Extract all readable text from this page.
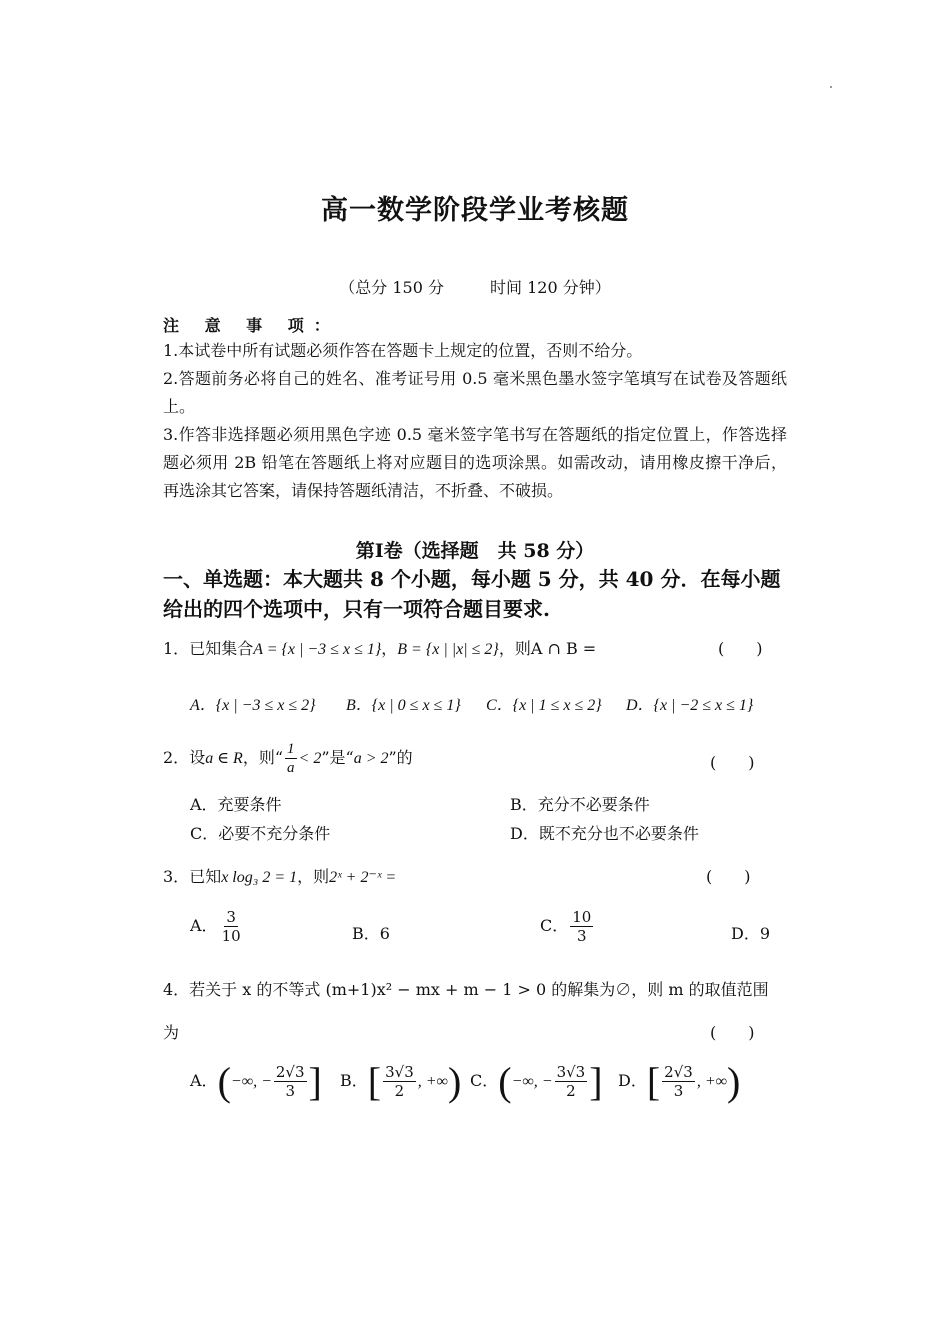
高一数学阶段学业考核题
（总分 150 分	时间 120 分钟）
注 意 事 项：
1.本试卷中所有试题必须作答在答题卡上规定的位置，否则不给分。
2.答题前务必将自己的姓名、准考证号用 0.5 毫米黑色墨水签字笔填写在试卷及答题纸上。
3.作答非选择题必须用黑色字迹 0.5 毫米签字笔书写在答题纸的指定位置上，作答选择题必须用 2B 铅笔在答题纸上将对应题目的选项涂黑。如需改动，请用橡皮擦干净后，再选涂其它答案，请保持答题纸清洁，不折叠、不破损。
第Ⅰ卷（选择题　共 58 分）
一、单选题：本大题共 8 个小题，每小题 5 分，共 40 分．在每小题给出的四个选项中，只有一项符合题目要求.
1．已知集合A = {x | −3 ≤ x ≤ 1}，B = {x | |x| ≤ 2}，则A ∩ B =	(　　)
A．{x | −3 ≤ x ≤ 2} B．{x | 0 ≤ x ≤ 1} C．{x | 1 ≤ x ≤ 2} D．{x | −2 ≤ x ≤ 1}
2．设a ∈ R，则“ $\frac{1}{a} < 2$”是“a > 2”的	(　　)
A．充要条件	B．充分不必要条件
C．必要不充分条件	D．既不充分也不必要条件
3．已知x log₃ 2 = 1，则2ˣ + 2⁻ˣ =	(　　)
A． $\frac{3}{10}$	B．6	C． $\frac{10}{3}$	D．9
4．若关于 x 的不等式 (m+1)x² − mx + m − 1 > 0 的解集为∅，则 m 的取值范围
为	(　　)
A．(−∞, − $\frac{2√3}{3}$ ] B．[ $\frac{3√3}{2}$ , +∞) C．(−∞, − $\frac{3√3}{2}$ ] D．[ $\frac{2√3}{3}$ , +∞)
